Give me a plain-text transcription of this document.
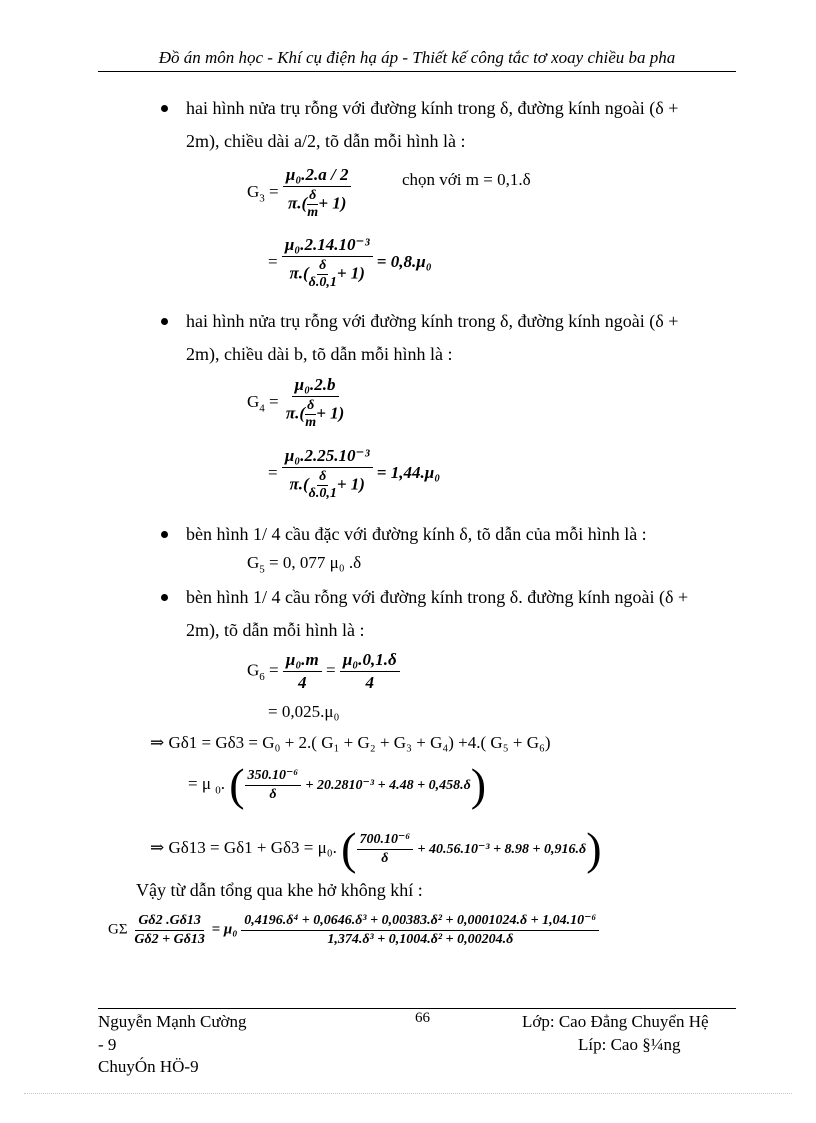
Đồ án môn học - Khí cụ điện hạ áp - Thiết kế công tắc tơ xoay chiều ba pha
hai hình nửa trụ rỗng với đường kính trong δ, đường kính ngoài (δ +
2m), chiều dài a/2, tõ dẫn mỗi hình là :
$G_3 = \frac{\text{μ₀.2.a / 2}}{\pi.( \frac{\delta}{m} + 1)}$	chọn với m = 0,1.δ
= $\frac{\text{μ₀.2.14.10⁻³}}{\pi.( \frac{\delta}{\delta.0,1} + 1)} = 0,8.\mu_0$
hai hình nửa trụ rỗng với đường kính trong δ, đường kính ngoài (δ +
2m), chiều dài b, tõ dẫn mỗi hình là :
$G_4 = \frac{\text{μ₀.2.b}}{\pi.( \frac{\delta}{m} + 1)}$
= $\frac{\text{μ₀.2.25.10⁻³}}{\pi.( \frac{\delta}{\delta.0,1} + 1)} = 1,44.\mu_0$
bèn hình 1/ 4 cầu đặc với đường kính δ, tõ dẫn của mỗi hình là :
$G_5 = 0$, 077 μ₀ .δ
bèn hình 1/ 4 cầu rỗng với đường kính trong δ. đường kính ngoài (δ +
2m), tõ dẫn mỗi hình là :
$G_6 = \frac{\text{μ₀.m}}{4} = \frac{\text{μ₀.0,1.δ}}{4}$
= 0,025.μ₀
⇒ Gδ1 = Gδ3 = G₀ + 2.( G₁ + G₂ + G₃ + G₄) +4.( G₅ + G₆)
= μ $_0$. ( $\frac{\text{350.10⁻⁶}}{\delta} + 20.2810^{-3} + 4.48 + 0,458.\delta$)
⇒ Gδ13 = Gδ1 + Gδ3 = μ₀. ( $\frac{\text{700.10⁻⁶}}{\delta} + 40.56.10^{-3} + 8.98 + 0,916.\delta$)
Vậy từ dẫn tổng qua khe hở không khí :
GΣ $\frac{G\delta 2 .G\delta 13}{G\delta 2 + G\delta 13} = \mu_0 \frac{\text{0,4196.δ⁴ + 0,0646.δ³ + 0,00383.δ² + 0,0001024.δ + 1,04.10⁻⁶}}{\text{1,374.δ³ + 0,1004.δ² + 0,00204.δ}}$
Nguyễn Mạnh Cường
- 9
ChuyÓn HÖ-9
66	Lớp: Cao Đẳng Chuyển Hệ
Líp: Cao §¼ng
